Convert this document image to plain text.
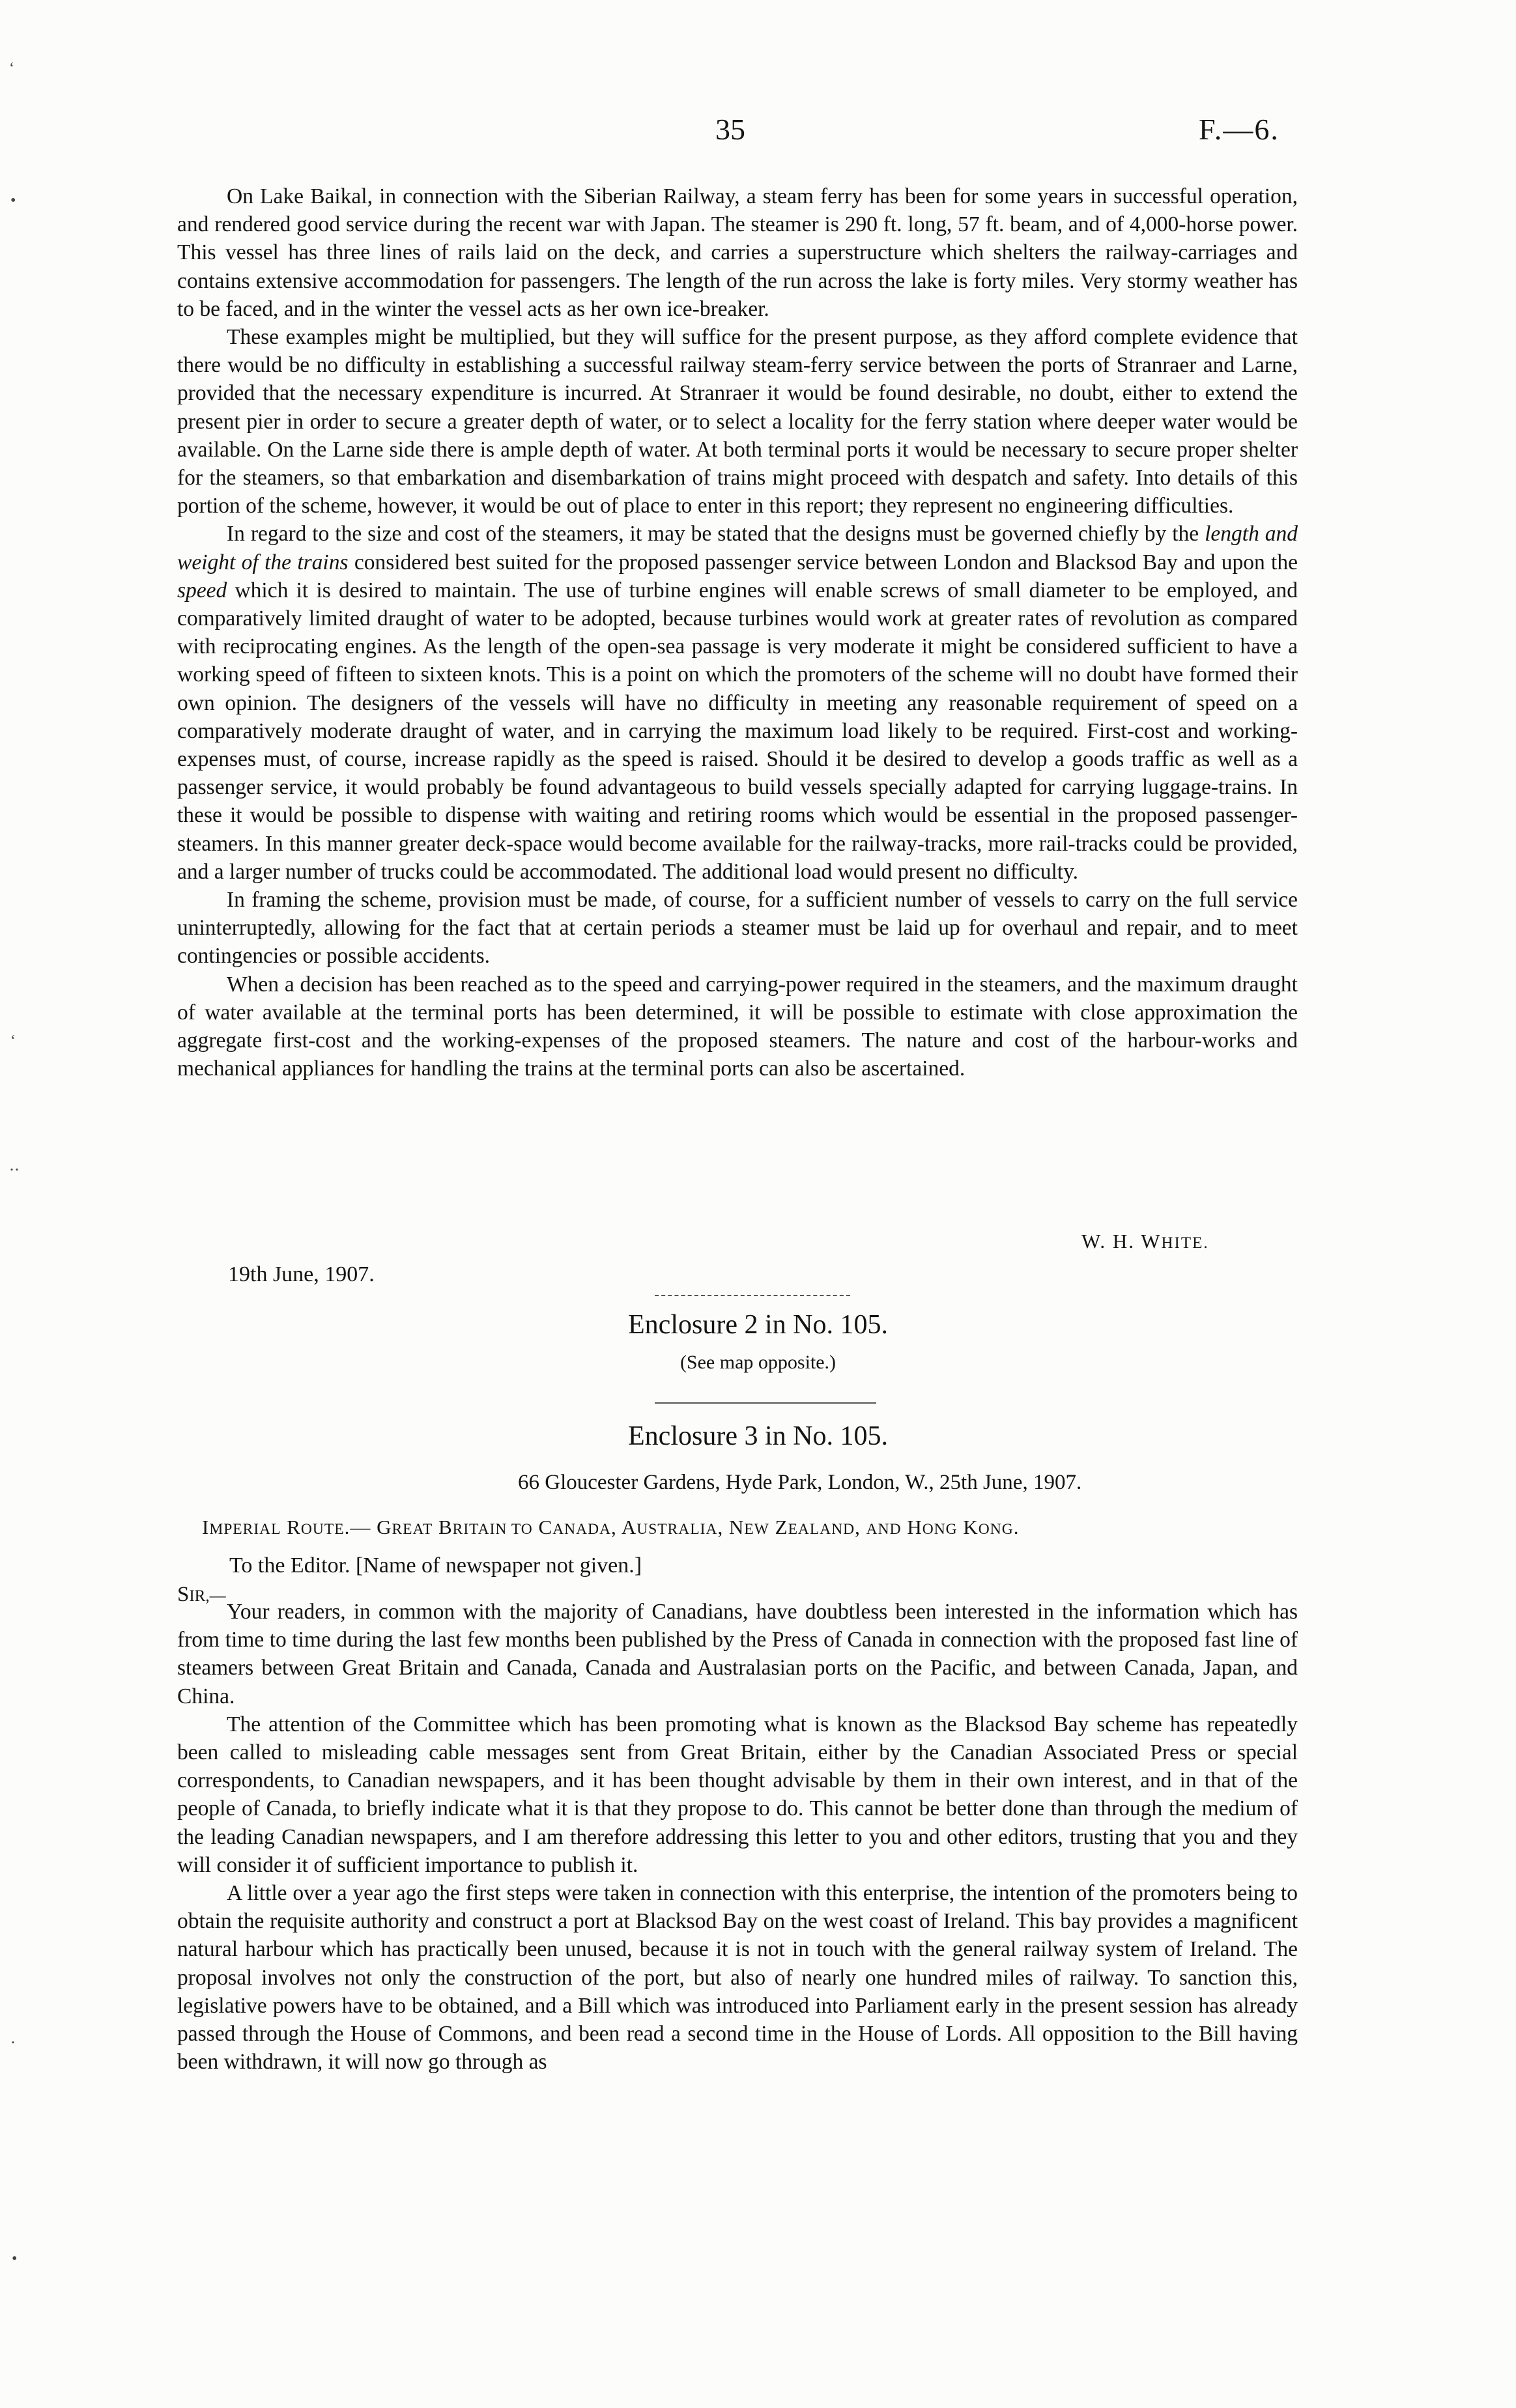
35	F.—6.
‘
•
‘
‥
․
•

On Lake Baikal, in connection with the Siberian Railway, a steam ferry has been for some years in successful operation, and rendered good service during the recent war with Japan. The steamer is 290 ft. long, 57 ft. beam, and of 4,000-horse power. This vessel has three lines of rails laid on the deck, and carries a superstructure which shelters the railway-carriages and contains extensive accommodation for passengers. The length of the run across the lake is forty miles. Very stormy weather has to be faced, and in the winter the vessel acts as her own ice-breaker.

These examples might be multiplied, but they will suffice for the present purpose, as they afford complete evidence that there would be no difficulty in establishing a successful railway steam-ferry service between the ports of Stranraer and Larne, provided that the necessary expenditure is incurred. At Stranraer it would be found desirable, no doubt, either to extend the present pier in order to secure a greater depth of water, or to select a locality for the ferry station where deeper water would be available. On the Larne side there is ample depth of water. At both terminal ports it would be necessary to secure proper shelter for the steamers, so that embarkation and disembarkation of trains might proceed with despatch and safety. Into details of this portion of the scheme, however, it would be out of place to enter in this report; they represent no engineering difficulties.

In regard to the size and cost of the steamers, it may be stated that the designs must be governed chiefly by the length and weight of the trains considered best suited for the proposed passenger service between London and Blacksod Bay and upon the speed which it is desired to maintain. The use of turbine engines will enable screws of small diameter to be employed, and comparatively limited draught of water to be adopted, because turbines would work at greater rates of revolution as compared with reciprocating engines. As the length of the open-sea passage is very moderate it might be considered sufficient to have a working speed of fifteen to sixteen knots. This is a point on which the promoters of the scheme will no doubt have formed their own opinion. The designers of the vessels will have no difficulty in meeting any reasonable requirement of speed on a comparatively moderate draught of water, and in carrying the maximum load likely to be required. First-cost and working-expenses must, of course, increase rapidly as the speed is raised. Should it be desired to develop a goods traffic as well as a passenger service, it would probably be found advantageous to build vessels specially adapted for carrying luggage-trains. In these it would be possible to dispense with waiting and retiring rooms which would be essential in the proposed passenger-steamers. In this manner greater deck-space would become available for the railway-tracks, more rail-tracks could be provided, and a larger number of trucks could be accommodated. The additional load would present no difficulty.

In framing the scheme, provision must be made, of course, for a sufficient number of vessels to carry on the full service uninterruptedly, allowing for the fact that at certain periods a steamer must be laid up for overhaul and repair, and to meet contingencies or possible accidents.

When a decision has been reached as to the speed and carrying-power required in the steamers, and the maximum draught of water available at the terminal ports has been determined, it will be possible to estimate with close approximation the aggregate first-cost and the working-expenses of the proposed steamers. The nature and cost of the harbour-works and mechanical appliances for handling the trains at the terminal ports can also be ascertained.

W. H. WHITE.
19th June, 1907.
Enclosure 2 in No. 105.
(See map opposite.)
Enclosure 3 in No. 105.
66 Gloucester Gardens, Hyde Park, London, W., 25th June, 1907.
IMPERIAL ROUTE.— GREAT BRITAIN TO CANADA, AUSTRALIA, NEW ZEALAND, AND HONG KONG.
To the Editor. [Name of newspaper not given.]
SIR,—

Your readers, in common with the majority of Canadians, have doubtless been interested in the information which has from time to time during the last few months been published by the Press of Canada in connection with the proposed fast line of steamers between Great Britain and Canada, Canada and Australasian ports on the Pacific, and between Canada, Japan, and China.

The attention of the Committee which has been promoting what is known as the Blacksod Bay scheme has repeatedly been called to misleading cable messages sent from Great Britain, either by the Canadian Associated Press or special correspondents, to Canadian newspapers, and it has been thought advisable by them in their own interest, and in that of the people of Canada, to briefly indicate what it is that they propose to do. This cannot be better done than through the medium of the leading Canadian newspapers, and I am therefore addressing this letter to you and other editors, trusting that you and they will consider it of sufficient importance to publish it.

A little over a year ago the first steps were taken in connection with this enterprise, the intention of the promoters being to obtain the requisite authority and construct a port at Blacksod Bay on the west coast of Ireland. This bay provides a magnificent natural harbour which has practically been unused, because it is not in touch with the general railway system of Ireland. The proposal involves not only the construction of the port, but also of nearly one hundred miles of railway. To sanction this, legislative powers have to be obtained, and a Bill which was introduced into Parliament early in the present session has already passed through the House of Commons, and been read a second time in the House of Lords. All opposition to the Bill having been withdrawn, it will now go through as
